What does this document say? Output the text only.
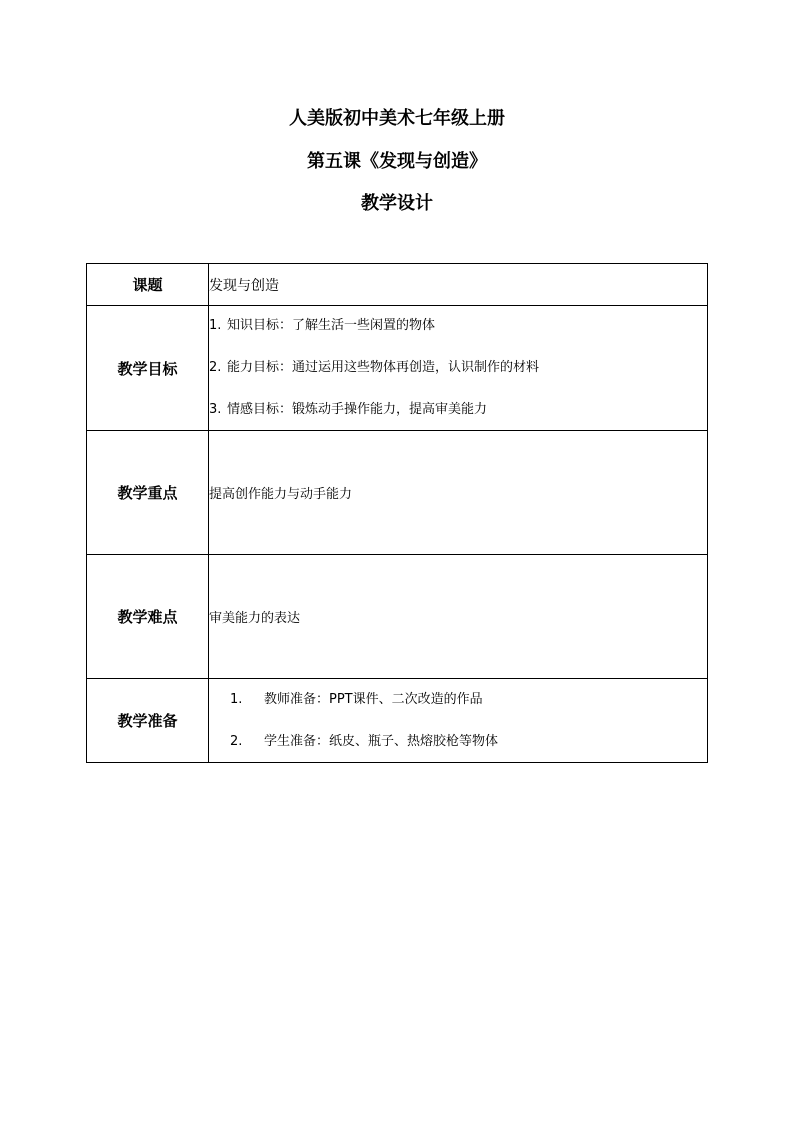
人美版初中美术七年级上册
第五课《发现与创造》
教学设计
课题	发现与创造
教学目标	1. 知识目标：了解生活一些闲置的物体
2. 能力目标：通过运用这些物体再创造，认识制作的材料
3. 情感目标：锻炼动手操作能力，提高审美能力

教学重点	提高创作能力与动手能力
教学难点	审美能力的表达
教学准备	1. 教师准备：PPT课件、二次改造的作品
2. 学生准备：纸皮、瓶子、热熔胶枪等物体
